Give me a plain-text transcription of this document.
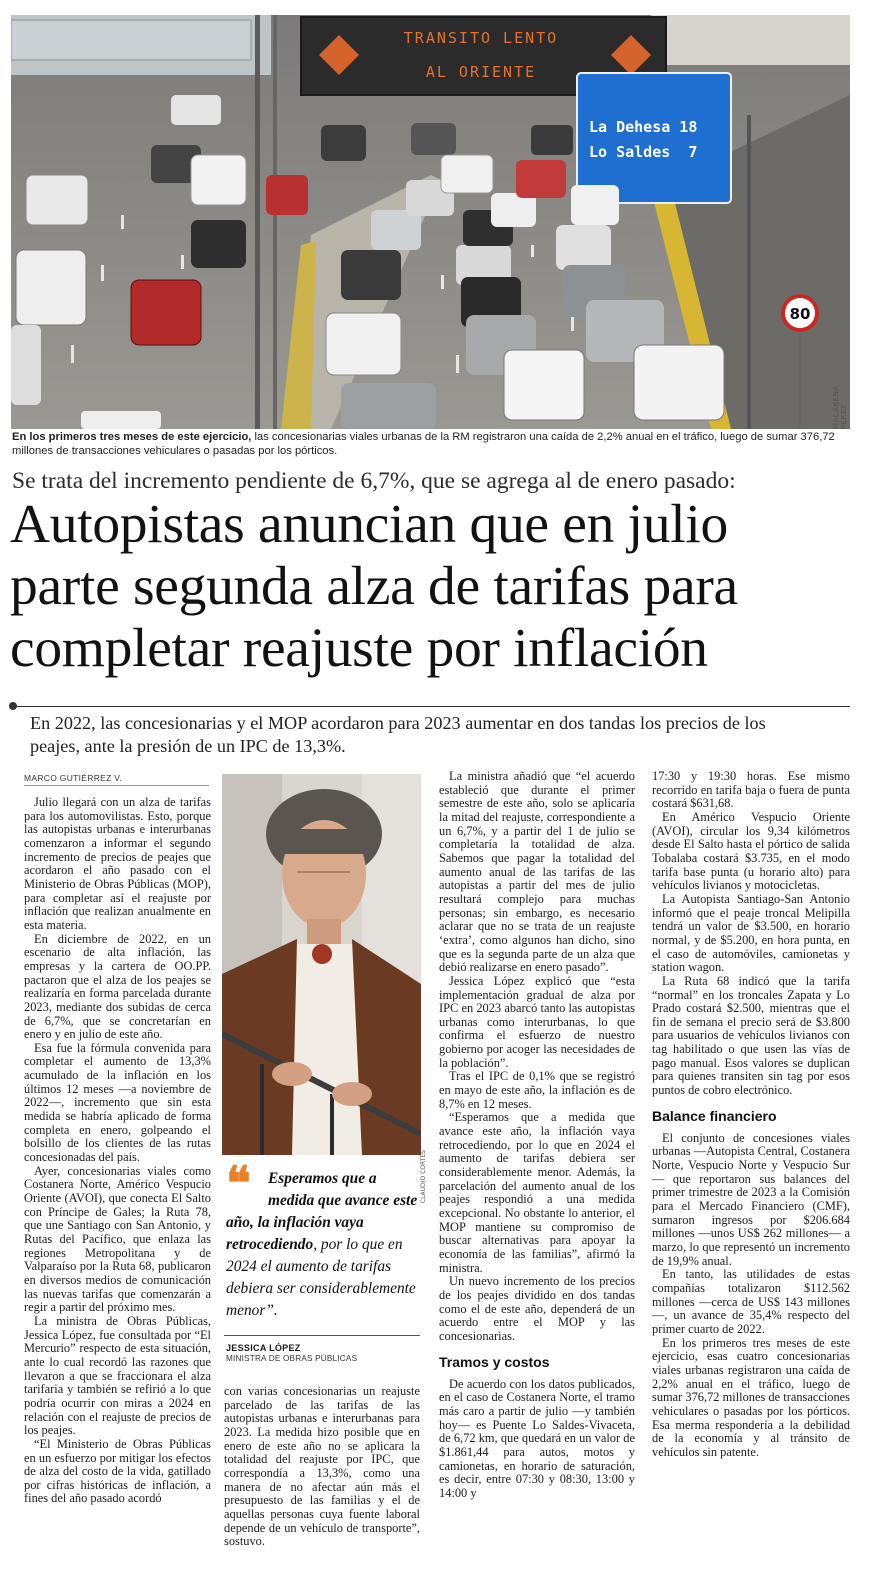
TRANSITO LENTO
AL ORIENTE
La Dehesa 18
Lo Saldes  7
80
MACARENA PÉREZ
En los primeros tres meses de este ejercicio, las concesionarias viales urbanas de la RM registraron una caída de 2,2% anual en el tráfico, luego de sumar 376,72 millones de transacciones vehiculares o pasadas por los pórticos.
Se trata del incremento pendiente de 6,7%, que se agrega al de enero pasado:
Autopistas anuncian que en julio
parte segunda alza de tarifas para
completar reajuste por inflación
En 2022, las concesionarias y el MOP acordaron para 2023 aumentar en dos tandas los precios de los peajes, ante la presión de un IPC de 13,3%.
MARCO GUTIÉRREZ V.

Julio llegará con un alza de tarifas para los automovilistas. Esto, porque las autopistas urbanas e interurbanas comenzaron a informar el segundo incremento de precios de peajes que acordaron el año pasado con el Ministerio de Obras Públicas (MOP), para completar así el reajuste por inflación que realizan anualmente en esta materia.

En diciembre de 2022, en un escenario de alta inflación, las empresas y la cartera de OO.PP. pactaron que el alza de los peajes se realizaría en forma parcelada durante 2023, mediante dos subidas de cerca de 6,7%, que se concretarían en enero y en julio de este año.

Esa fue la fórmula convenida para completar el aumento de 13,3% acumulado de la inflación en los últimos 12 meses —a noviembre de 2022—, incremento que sin esta medida se habría aplicado de forma completa en enero, golpeando el bolsillo de los clientes de las rutas concesionadas del país.

Ayer, concesionarias viales como Costanera Norte, Américo Vespucio Oriente (AVOI), que conecta El Salto con Príncipe de Gales; la Ruta 78, que une Santiago con San Antonio, y Rutas del Pacífico, que enlaza las regiones Metropolitana y de Valparaíso por la Ruta 68, publicaron en diversos medios de comunicación las nuevas tarifas que comenzarán a regir a partir del próximo mes.

La ministra de Obras Públicas, Jessica López, fue consultada por “El Mercurio” respecto de esta situación, ante lo cual recordó las razones que llevaron a que se fraccionara el alza tarifaria y también se refirió a lo que podría ocurrir con miras a 2024 en relación con el reajuste de precios de los peajes.

“El Ministerio de Obras Públicas en un esfuerzo por mitigar los efectos de alza del costo de la vida, gatillado por cifras históricas de inflación, a fines del año pasado acordó

CLAUDIO CORTÉS
❝	Esperamos que a medida que avance este año, la inflación vaya retrocediendo, por lo que en 2024 el aumento de tarifas debiera ser considerablemente menor”.
JESSICA LÓPEZ
MINISTRA DE OBRAS PÚBLICAS

con varias concesionarias un reajuste parcelado de las tarifas de las autopistas urbanas e interurbanas para 2023. La medida hizo posible que en enero de este año no se aplicara la totalidad del reajuste por IPC, que correspondía a 13,3%, como una manera de no afectar aún más el presupuesto de las familias y el de aquellas personas cuya fuente laboral depende de un vehículo de transporte”, sostuvo.

La ministra añadió que “el acuerdo estableció que durante el primer semestre de este año, solo se aplicaría la mitad del reajuste, correspondiente a un 6,7%, y a partir del 1 de julio se completaría la totalidad de alza. Sabemos que pagar la totalidad del aumento anual de las tarifas de las autopistas a partir del mes de julio resultará complejo para muchas personas; sin embargo, es necesario aclarar que no se trata de un reajuste ‘extra’, como algunos han dicho, sino que es la segunda parte de un alza que debió realizarse en enero pasado”.

Jessica López explicó que “esta implementación gradual de alza por IPC en 2023 abarcó tanto las autopistas urbanas como interurbanas, lo que confirma el esfuerzo de nuestro gobierno por acoger las necesidades de la población”.

Tras el IPC de 0,1% que se registró en mayo de este año, la inflación es de 8,7% en 12 meses.

“Esperamos que a medida que avance este año, la inflación vaya retrocediendo, por lo que en 2024 el aumento de tarifas debiera ser considerablemente menor. Además, la parcelación del aumento anual de los peajes respondió a una medida excepcional. No obstante lo anterior, el MOP mantiene su compromiso de buscar alternativas para apoyar la economía de las familias”, afirmó la ministra.

Un nuevo incremento de los precios de los peajes dividido en dos tandas como el de este año, dependerá de un acuerdo entre el MOP y las concesionarias.

Tramos y costos

De acuerdo con los datos publicados, en el caso de Costanera Norte, el tramo más caro a partir de julio —y también hoy— es Puente Lo Saldes-Vivaceta, de 6,72 km, que quedará en un valor de $1.861,44 para autos, motos y camionetas, en horario de saturación, es decir, entre 07:30 y 08:30, 13:00 y 14:00 y

17:30 y 19:30 horas. Ese mismo recorrido en tarifa baja o fuera de punta costará $631,68.

En Américo Vespucio Oriente (AVOI), circular los 9,34 kilómetros desde El Salto hasta el pórtico de salida Tobalaba costará $3.735, en el modo tarifa base punta (u horario alto) para vehículos livianos y motocicletas.

La Autopista Santiago-San Antonio informó que el peaje troncal Melipilla tendrá un valor de $3.500, en horario normal, y de $5.200, en hora punta, en el caso de automóviles, camionetas y station wagon.

La Ruta 68 indicó que la tarifa “normal” en los troncales Zapata y Lo Prado costará $2.500, mientras que el fin de semana el precio será de $3.800 para usuarios de vehículos livianos con tag habilitado o que usen las vías de pago manual. Esos valores se duplican para quienes transiten sin tag por esos puntos de cobro electrónico.

Balance financiero

El conjunto de concesiones viales urbanas —Autopista Central, Costanera Norte, Vespucio Norte y Vespucio Sur— que reportaron sus balances del primer trimestre de 2023 a la Comisión para el Mercado Financiero (CMF), sumaron ingresos por $206.684 millones —unos US$ 262 millones— a marzo, lo que representó un incremento de 19,9% anual.

En tanto, las utilidades de estas compañías totalizaron $112.562 millones —cerca de US$ 143 millones—, un avance de 35,4% respecto del primer cuarto de 2022.

En los primeros tres meses de este ejercicio, esas cuatro concesionarias viales urbanas registraron una caída de 2,2% anual en el tráfico, luego de sumar 376,72 millones de transacciones vehiculares o pasadas por los pórticos. Esa merma respondería a la debilidad de la economía y al tránsito de vehículos sin patente.
